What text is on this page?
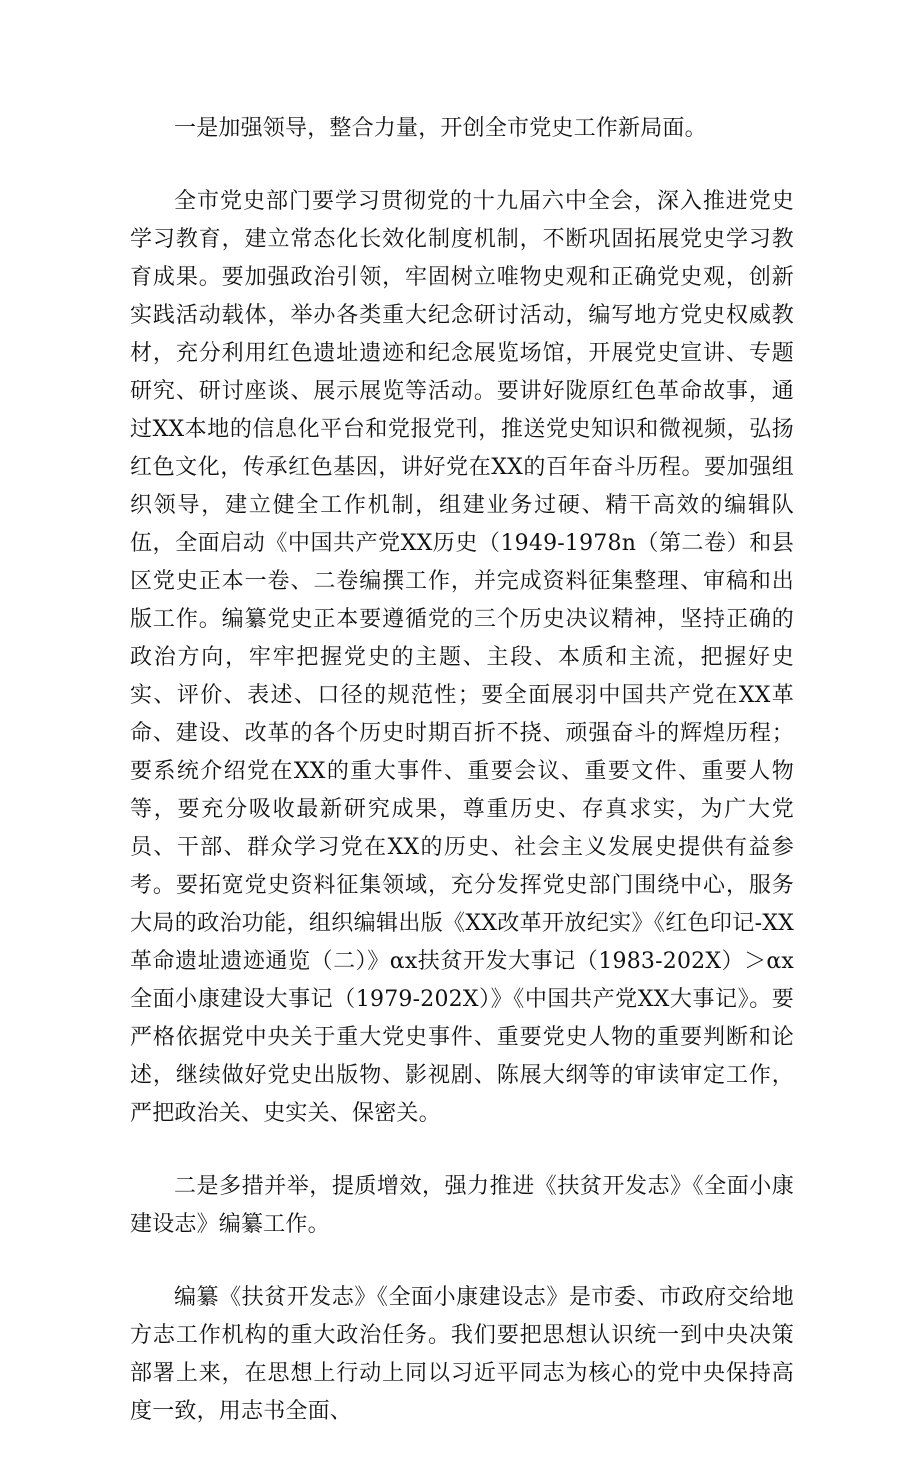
一是加强领导，整合力量，开创全市党史工作新局面。

全市党史部门要学习贯彻党的十九届六中全会，深入推进党史学习教育，建立常态化长效化制度机制，不断巩固拓展党史学习教育成果。要加强政治引领，牢固树立唯物史观和正确党史观，创新实践活动载体，举办各类重大纪念研讨活动，编写地方党史权威教材，充分利用红色遗址遗迹和纪念展览场馆，开展党史宣讲、专题研究、研讨座谈、展示展览等活动。要讲好陇原红色革命故事，通过XX本地的信息化平台和党报党刊，推送党史知识和微视频，弘扬红色文化，传承红色基因，讲好党在XX的百年奋斗历程。要加强组织领导，建立健全工作机制，组建业务过硬、精干高效的编辑队伍，全面启动《中国共产党XX历史（1949-1978n（第二卷）和县区党史正本一卷、二卷编撰工作，并完成资料征集整理、审稿和出版工作。编纂党史正本要遵循党的三个历史决议精神，坚持正确的政治方向，牢牢把握党史的主题、主段、本质和主流，把握好史实、评价、表述、口径的规范性；要全面展羽中国共产党在XX革命、建设、改革的各个历史时期百折不挠、顽强奋斗的辉煌历程；要系统介绍党在XX的重大事件、重要会议、重要文件、重要人物等，要充分吸收最新研究成果，尊重历史、存真求实，为广大党员、干部、群众学习党在XX的历史、社会主义发展史提供有益参考。要拓宽党史资料征集领域，充分发挥党史部门围绕中心，服务大局的政治功能，组织编辑出版《XX改革开放纪实》《红色印记-XX革命遗址遗迹通览（二）》αx扶贫开发大事记（1983-202X）＞αx全面小康建设大事记（1979-202X）》《中国共产党XX大事记》。要严格依据党中央关于重大党史事件、重要党史人物的重要判断和论述，继续做好党史出版物、影视剧、陈展大纲等的审读审定工作，严把政治关、史实关、保密关。

二是多措并举，提质增效，强力推进《扶贫开发志》《全面小康建设志》编纂工作。

编纂《扶贫开发志》《全面小康建设志》是市委、市政府交给地方志工作机构的重大政治任务。我们要把思想认识统一到中央决策部署上来，在思想上行动上同以习近平同志为核心的党中央保持高度一致，用志书全面、
